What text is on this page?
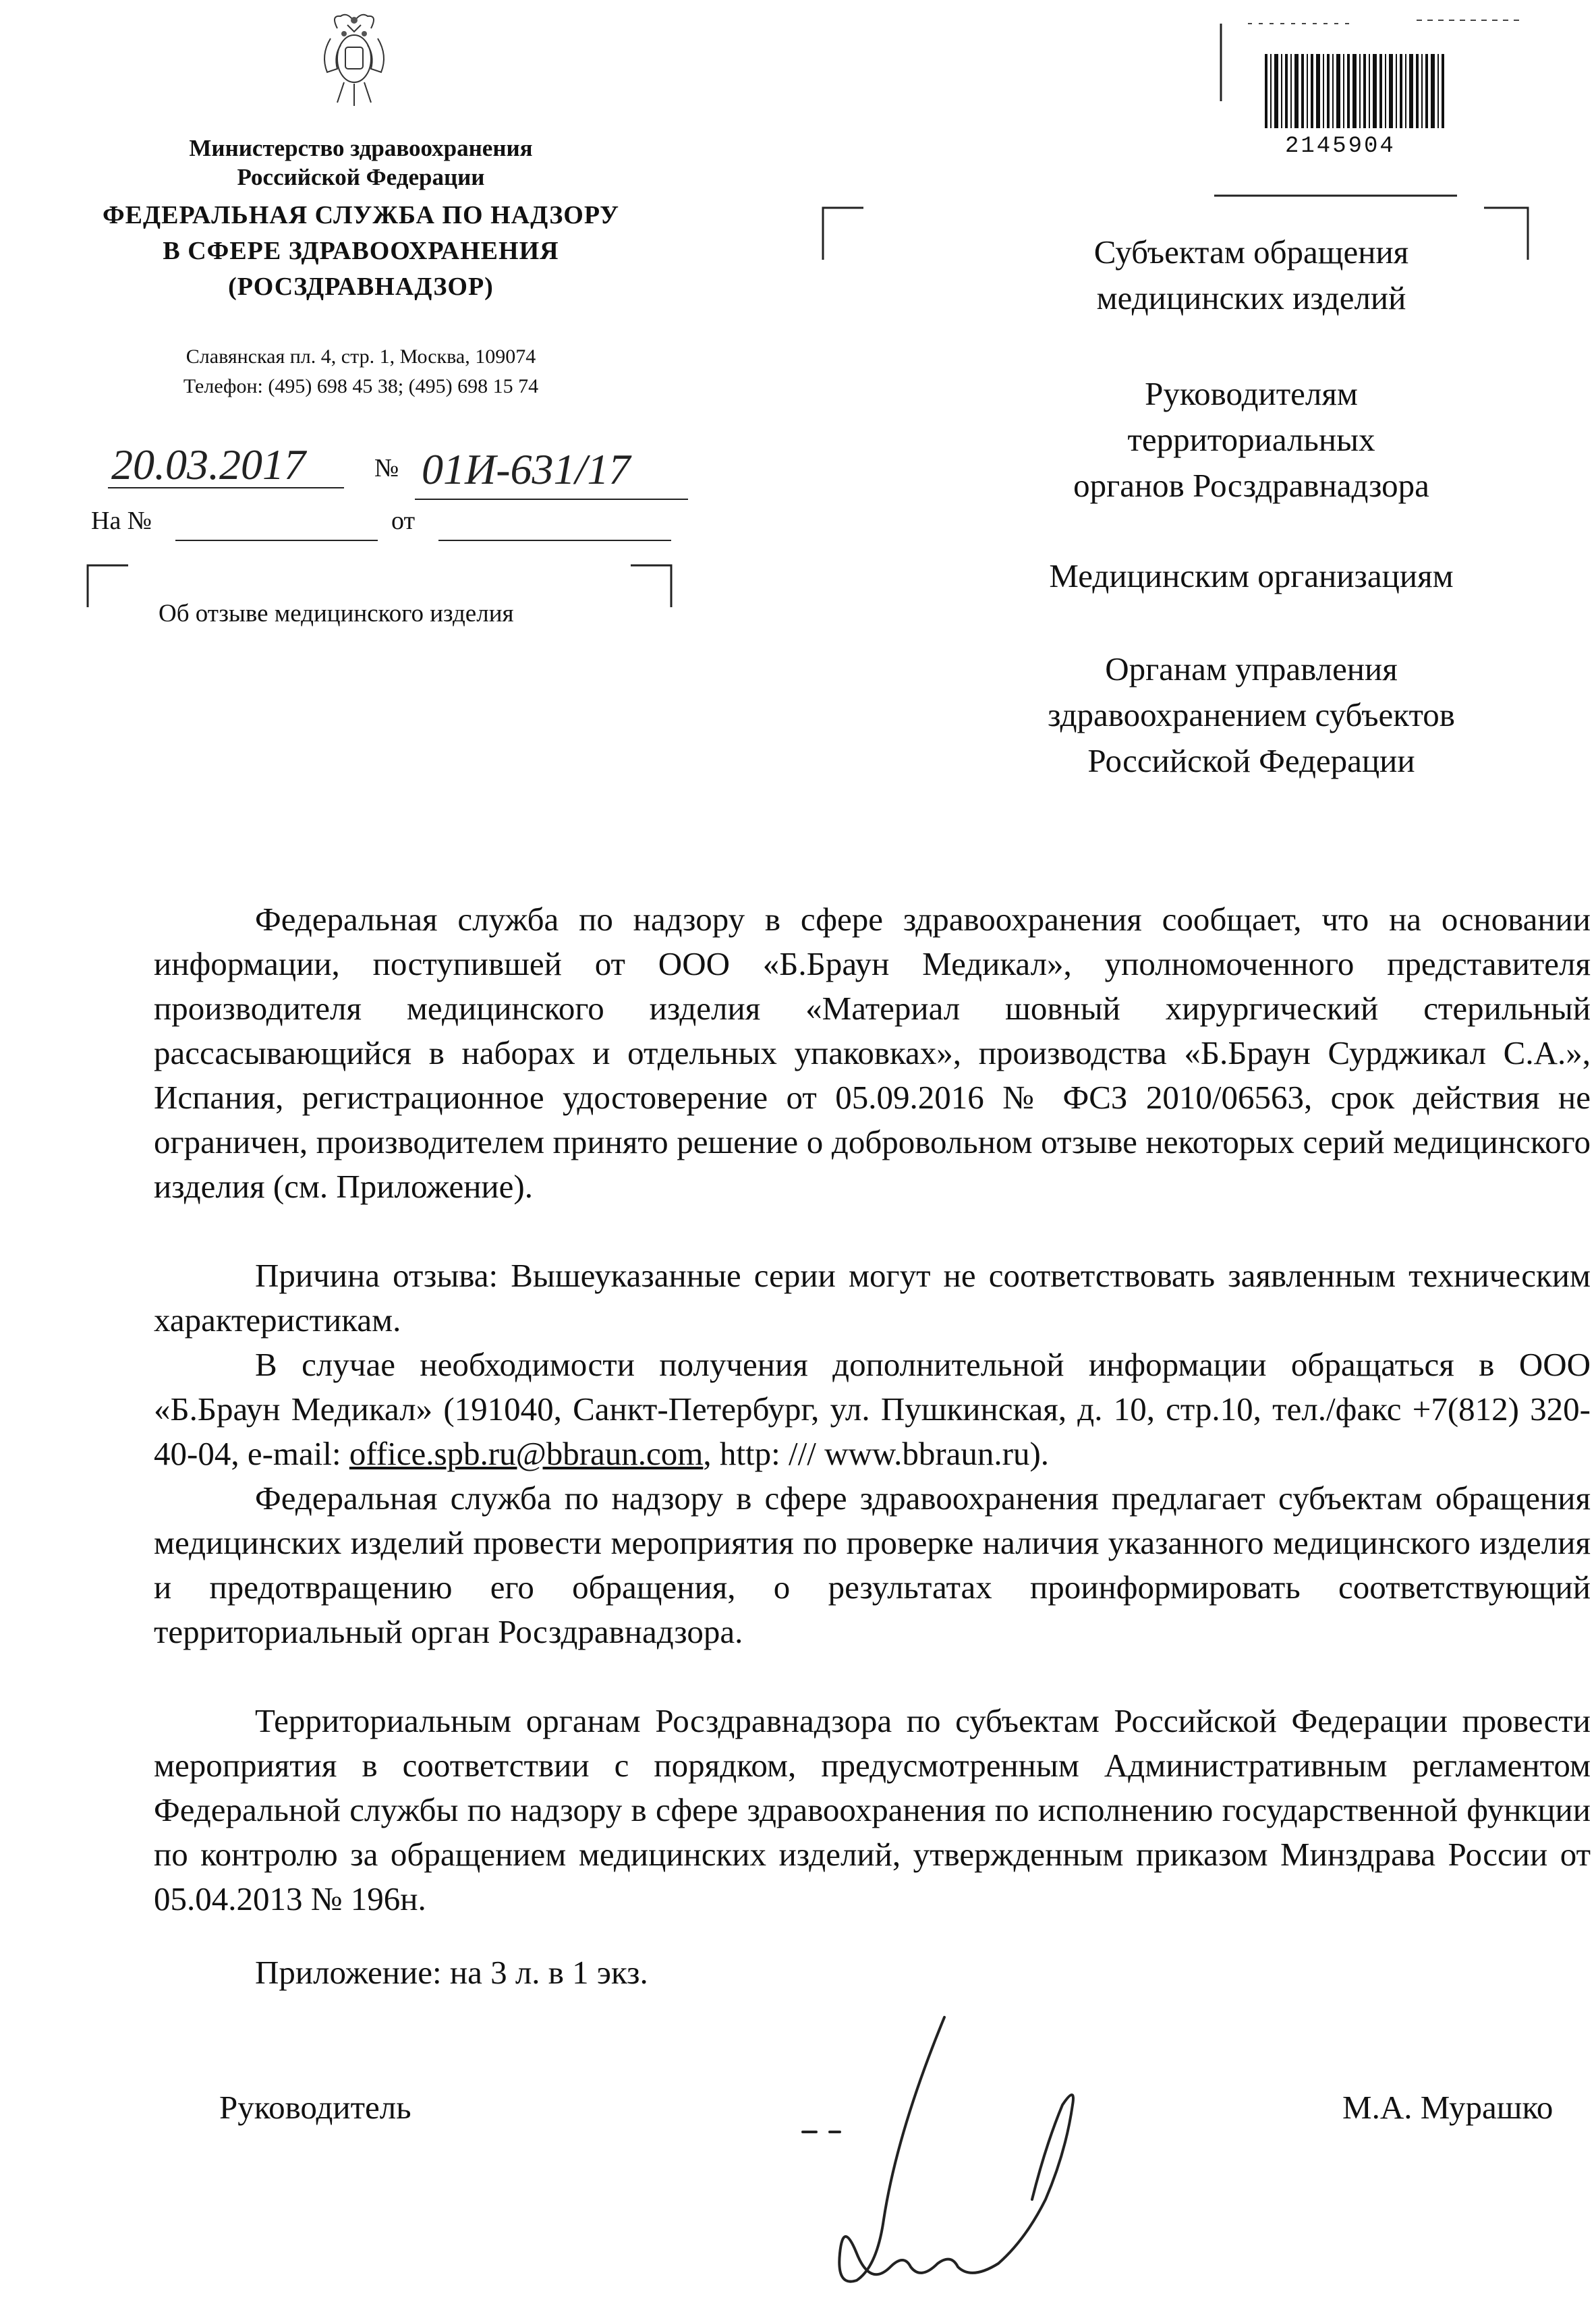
Министерство здравоохранения
Российской Федерации
ФЕДЕРАЛЬНАЯ СЛУЖБА ПО НАДЗОРУ
В СФЕРЕ ЗДРАВООХРАНЕНИЯ
(РОСЗДРАВНАДЗОР)
Славянская пл. 4, стр. 1, Москва, 109074
Телефон: (495) 698 45 38; (495) 698 15 74
20.03.2017	№ 01И-631/17
На №	от
Об отзыве медицинского изделия
2145904
Субъектам обращения
медицинских изделий
Руководителям
территориальных
органов Росздравнадзора
Медицинским организациям
Органам управления
здравоохранением субъектов
Российской Федерации

Федеральная служба по надзору в сфере здравоохранения сообщает, что на основании информации, поступившей от ООО «Б.Браун Медикал», уполномоченного представителя производителя медицинского изделия «Материал шовный хирургический стерильный рассасывающийся в наборах и отдельных упаковках», производства «Б.Браун Сурджикал С.А.», Испания, регистрационное удостоверение от 05.09.2016 № ФСЗ 2010/06563, срок действия не ограничен, производителем принято решение о добровольном отзыве некоторых серий медицинского изделия (см. Приложение).

Причина отзыва: Вышеуказанные серии могут не соответствовать заявленным техническим характеристикам.

В случае необходимости получения дополнительной информации обращаться в ООО «Б.Браун Медикал» (191040, Санкт-Петербург, ул. Пушкинская, д. 10, стр.10, тел./факс +7(812) 320-40-04, e-mail: office.spb.ru@bbraun.com, http: /// www.bbraun.ru).

Федеральная служба по надзору в сфере здравоохранения предлагает субъектам обращения медицинских изделий провести мероприятия по проверке наличия указанного медицинского изделия и предотвращению его обращения, о результатах проинформировать соответствующий территориальный орган Росздравнадзора.

Территориальным органам Росздравнадзора по субъектам Российской Федерации провести мероприятия в соответствии с порядком, предусмотренным Административным регламентом Федеральной службы по надзору в сфере здравоохранения по исполнению государственной функции по контролю за обращением медицинских изделий, утвержденным приказом Минздрава России от 05.04.2013 № 196н.

Приложение: на 3 л. в 1 экз.
Руководитель	М.А. Мурашко
